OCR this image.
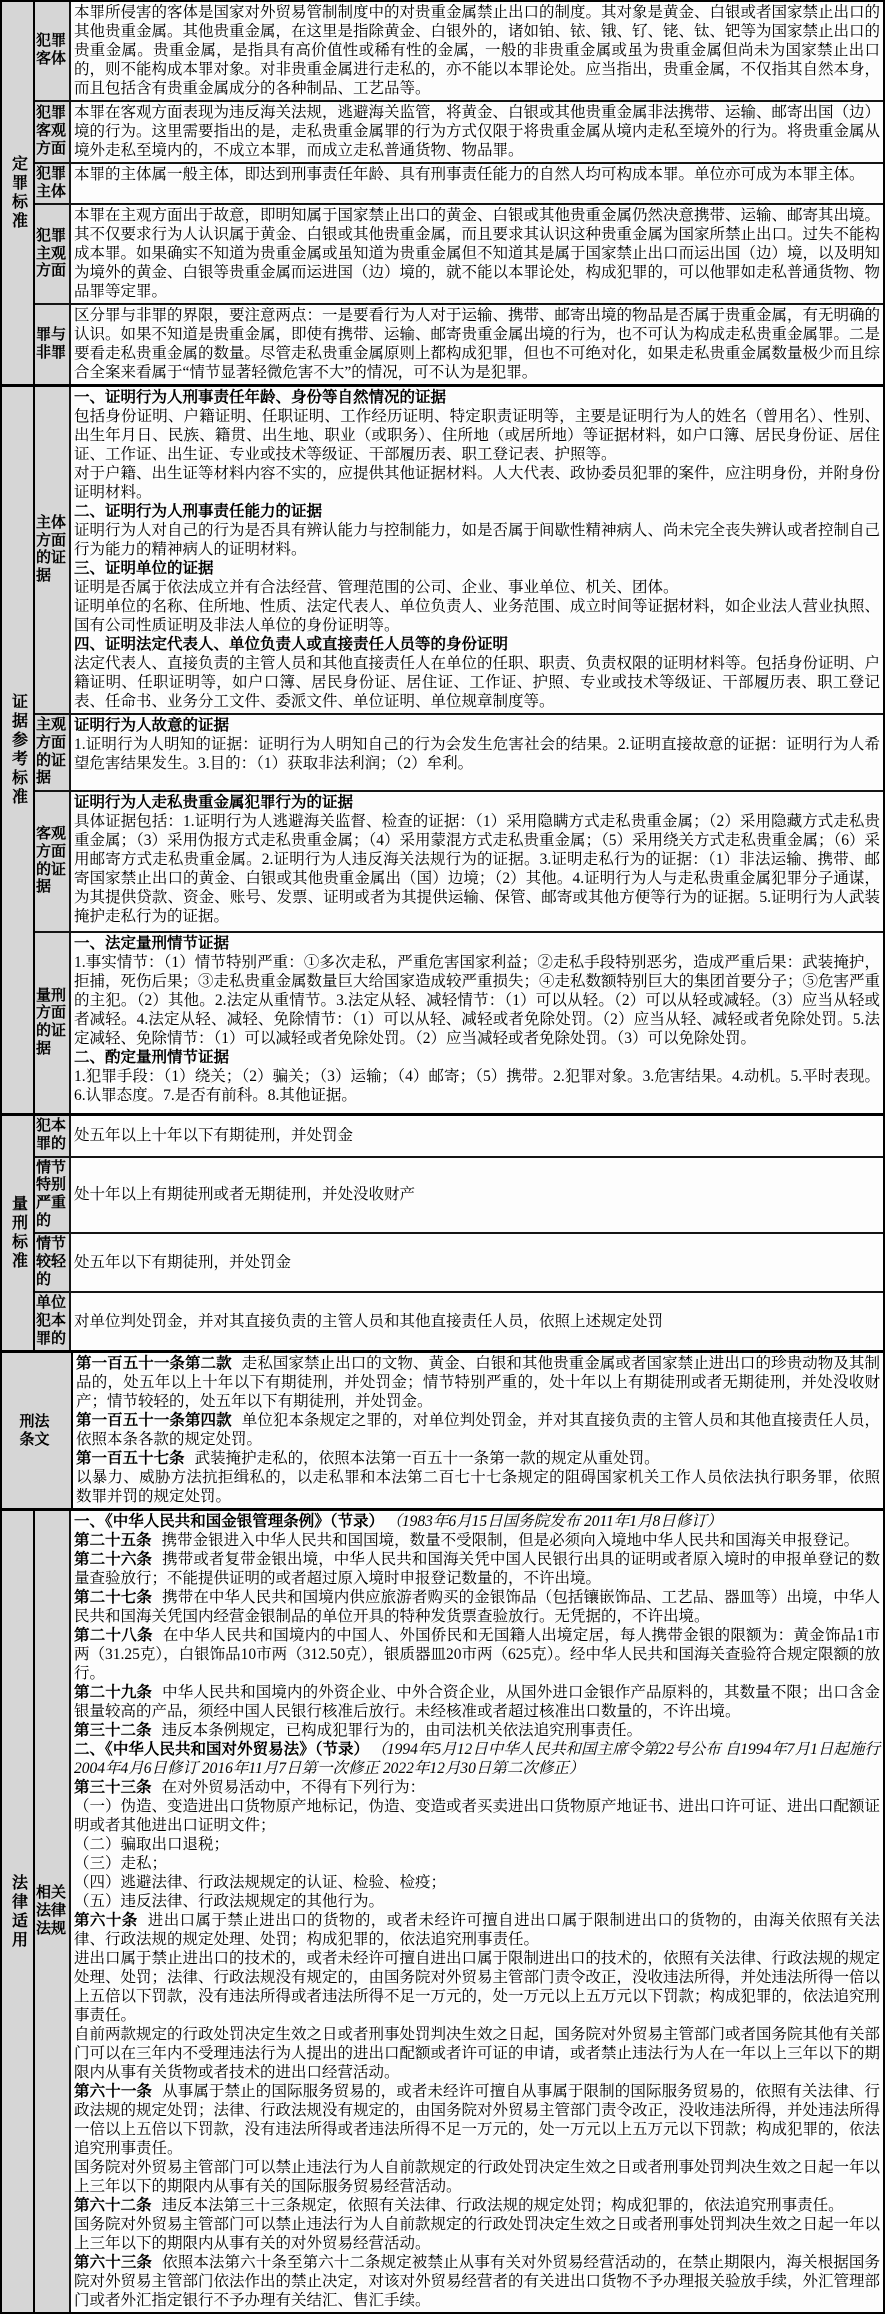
定罪标准
犯罪客体

本罪所侵害的客体是国家对外贸易管制制度中的对贵重金属禁止出口的制度。其对象是黄金、白银或者国家禁止出口的其他贵重金属。其他贵重金属，在这里是指除黄金、白银外的，诸如铂、铱、锇、钌、铑、钛、钯等为国家禁止出口的贵重金属。贵重金属，是指具有高价值性或稀有性的金属，一般的非贵重金属或虽为贵重金属但尚未为国家禁止出口的，则不能构成本罪对象。对非贵重金属进行走私的，亦不能以本罪论处。应当指出，贵重金属，不仅指其自然本身，而且包括含有贵重金属成分的各种制品、工艺品等。

犯罪客观方面

本罪在客观方面表现为违反海关法规，逃避海关监管，将黄金、白银或其他贵重金属非法携带、运输、邮寄出国（边）境的行为。这里需要指出的是，走私贵重金属罪的行为方式仅限于将贵重金属从境内走私至境外的行为。将贵重金属从境外走私至境内的，不成立本罪，而成立走私普通货物、物品罪。

犯罪主体

本罪的主体属一般主体，即达到刑事责任年龄、具有刑事责任能力的自然人均可构成本罪。单位亦可成为本罪主体。

犯罪主观方面

本罪在主观方面出于故意，即明知属于国家禁止出口的黄金、白银或其他贵重金属仍然决意携带、运输、邮寄其出境。其不仅要求行为人认识属于黄金、白银或其他贵重金属，而且要求其认识这种贵重金属为国家所禁止出口。过失不能构成本罪。如果确实不知道为贵重金属或虽知道为贵重金属但不知道其是属于国家禁止出口而运出国（边）境，以及明知为境外的黄金、白银等贵重金属而运进国（边）境的，就不能以本罪论处，构成犯罪的，可以他罪如走私普通货物、物品罪等定罪。

罪与非罪

区分罪与非罪的界限，要注意两点：一是要看行为人对于运输、携带、邮寄出境的物品是否属于贵重金属，有无明确的认识。如果不知道是贵重金属，即使有携带、运输、邮寄贵重金属出境的行为，也不可认为构成走私贵重金属罪。二是要看走私贵重金属的数量。尽管走私贵重金属原则上都构成犯罪，但也不可绝对化，如果走私贵重金属数量极少而且综合全案来看属于“情节显著轻微危害不大”的情况，可不认为是犯罪。

证据参考标准
主体方面的证据

一、证明行为人刑事责任年龄、身份等自然情况的证据

包括身份证明、户籍证明、任职证明、工作经历证明、特定职责证明等，主要是证明行为人的姓名（曾用名）、性别、出生年月日、民族、籍贯、出生地、职业（或职务）、住所地（或居所地）等证据材料，如户口簿、居民身份证、居住证、工作证、出生证、专业或技术等级证、干部履历表、职工登记表、护照等。

对于户籍、出生证等材料内容不实的，应提供其他证据材料。人大代表、政协委员犯罪的案件，应注明身份，并附身份证明材料。

二、证明行为人刑事责任能力的证据

证明行为人对自己的行为是否具有辨认能力与控制能力，如是否属于间歇性精神病人、尚未完全丧失辨认或者控制自己行为能力的精神病人的证明材料。

三、证明单位的证据

证明是否属于依法成立并有合法经营、管理范围的公司、企业、事业单位、机关、团体。

证明单位的名称、住所地、性质、法定代表人、单位负责人、业务范围、成立时间等证据材料，如企业法人营业执照、国有公司性质证明及非法人单位的身份证明等。

四、证明法定代表人、单位负责人或直接责任人员等的身份证明

法定代表人、直接负责的主管人员和其他直接责任人在单位的任职、职责、负责权限的证明材料等。包括身份证明、户籍证明、任职证明等，如户口簿、居民身份证、居住证、工作证、护照、专业或技术等级证、干部履历表、职工登记表、任命书、业务分工文件、委派文件、单位证明、单位规章制度等。

主观方面的证据

证明行为人故意的证据

1.证明行为人明知的证据：证明行为人明知自己的行为会发生危害社会的结果。2.证明直接故意的证据：证明行为人希望危害结果发生。3.目的：（1）获取非法利润；（2）牟利。

客观方面的证据

证明行为人走私贵重金属犯罪行为的证据

具体证据包括：1.证明行为人逃避海关监督、检查的证据：（1）采用隐瞒方式走私贵重金属；（2）采用隐藏方式走私贵重金属；（3）采用伪报方式走私贵重金属；（4）采用蒙混方式走私贵重金属；（5）采用绕关方式走私贵重金属；（6）采用邮寄方式走私贵重金属。2.证明行为人违反海关法规行为的证据。3.证明走私行为的证据：（1）非法运输、携带、邮寄国家禁止出口的黄金、白银或其他贵重金属出（国）边境；（2）其他。4.证明行为人与走私贵重金属犯罪分子通谋，为其提供贷款、资金、账号、发票、证明或者为其提供运输、保管、邮寄或其他方便等行为的证据。5.证明行为人武装掩护走私行为的证据。

量刑方面的证据

一、法定量刑情节证据

1.事实情节：（1）情节特别严重：①多次走私，严重危害国家利益；②走私手段特别恶劣，造成严重后果：武装掩护，拒捕，死伤后果；③走私贵重金属数量巨大给国家造成较严重损失；④走私数额特别巨大的集团首要分子；⑤危害严重的主犯。（2）其他。2.法定从重情节。3.法定从轻、减轻情节：（1）可以从轻。（2）可以从轻或减轻。（3）应当从轻或者减轻。4.法定从轻、减轻、免除情节：（1）可以从轻、减轻或者免除处罚。（2）应当从轻、减轻或者免除处罚。5.法定减轻、免除情节：（1）可以减轻或者免除处罚。（2）应当减轻或者免除处罚。（3）可以免除处罚。

二、酌定量刑情节证据

1.犯罪手段：（1）绕关；（2）骗关；（3）运输；（4）邮寄；（5）携带。2.犯罪对象。3.危害结果。4.动机。5.平时表现。6.认罪态度。7.是否有前科。8.其他证据。

量刑标准
犯本罪的 处五年以上十年以下有期徒刑，并处罚金

情节特别严重的

处十年以上有期徒刑或者无期徒刑，并处没收财产

情节较轻的

处五年以下有期徒刑，并处罚金

单位犯本罪的

对单位判处罚金，并对其直接负责的主管人员和其他直接责任人员，依照上述规定处罚

刑法条文

第一百五十一条第二款 走私国家禁止出口的文物、黄金、白银和其他贵重金属或者国家禁止进出口的珍贵动物及其制品的，处五年以上十年以下有期徒刑，并处罚金；情节特别严重的，处十年以上有期徒刑或者无期徒刑，并处没收财产；情节较轻的，处五年以下有期徒刑，并处罚金。

第一百五十一条第四款 单位犯本条规定之罪的，对单位判处罚金，并对其直接负责的主管人员和其他直接责任人员，依照本条各款的规定处罚。

第一百五十七条 武装掩护走私的，依照本法第一百五十一条第一款的规定从重处罚。

以暴力、威胁方法抗拒缉私的，以走私罪和本法第二百七十七条规定的阻碍国家机关工作人员依法执行职务罪，依照数罪并罚的规定处罚。

法律适用 相关法律法规

一、《中华人民共和国金银管理条例》（节录） （1983年6月15日国务院发布 2011年1月8日修订）

第二十五条 携带金银进入中华人民共和国国境，数量不受限制，但是必须向入境地中华人民共和国海关申报登记。

第二十六条 携带或者复带金银出境，中华人民共和国海关凭中国人民银行出具的证明或者原入境时的申报单登记的数量查验放行；不能提供证明的或者超过原入境时申报登记数量的，不许出境。

第二十七条 携带在中华人民共和国境内供应旅游者购买的金银饰品（包括镶嵌饰品、工艺品、器皿等）出境，中华人民共和国海关凭国内经营金银制品的单位开具的特种发货票查验放行。无凭据的，不许出境。

第二十八条 在中华人民共和国境内的中国人、外国侨民和无国籍人出境定居，每人携带金银的限额为：黄金饰品1市两（31.25克），白银饰品10市两（312.50克），银质器皿20市两（625克）。经中华人民共和国海关查验符合规定限额的放行。

第二十九条 中华人民共和国境内的外资企业、中外合资企业，从国外进口金银作产品原料的，其数量不限；出口含金银量较高的产品，须经中国人民银行核准后放行。未经核准或者超过核准出口数量的，不许出境。

第三十二条 违反本条例规定，已构成犯罪行为的，由司法机关依法追究刑事责任。

二、《中华人民共和国对外贸易法》（节录） （1994年5月12日中华人民共和国主席令第22号公布 自1994年7月1日起施行 2004年4月6日修订 2016年11月7日第一次修正 2022年12月30日第二次修正）

第三十三条 在对外贸易活动中，不得有下列行为：

（一）伪造、变造进出口货物原产地标记，伪造、变造或者买卖进出口货物原产地证书、进出口许可证、进出口配额证明或者其他进出口证明文件；

（二）骗取出口退税；

（三）走私；

（四）逃避法律、行政法规规定的认证、检验、检疫；

（五）违反法律、行政法规规定的其他行为。

第六十条 进出口属于禁止进出口的货物的，或者未经许可擅自进出口属于限制进出口的货物的，由海关依照有关法律、行政法规的规定处理、处罚；构成犯罪的，依法追究刑事责任。

进出口属于禁止进出口的技术的，或者未经许可擅自进出口属于限制进出口的技术的，依照有关法律、行政法规的规定处理、处罚；法律、行政法规没有规定的，由国务院对外贸易主管部门责令改正，没收违法所得，并处违法所得一倍以上五倍以下罚款，没有违法所得或者违法所得不足一万元的，处一万元以上五万元以下罚款；构成犯罪的，依法追究刑事责任。

自前两款规定的行政处罚决定生效之日或者刑事处罚判决生效之日起，国务院对外贸易主管部门或者国务院其他有关部门可以在三年内不受理违法行为人提出的进出口配额或者许可证的申请，或者禁止违法行为人在一年以上三年以下的期限内从事有关货物或者技术的进出口经营活动。

第六十一条 从事属于禁止的国际服务贸易的，或者未经许可擅自从事属于限制的国际服务贸易的，依照有关法律、行政法规的规定处罚；法律、行政法规没有规定的，由国务院对外贸易主管部门责令改正，没收违法所得，并处违法所得一倍以上五倍以下罚款，没有违法所得或者违法所得不足一万元的，处一万元以上五万元以下罚款；构成犯罪的，依法追究刑事责任。

国务院对外贸易主管部门可以禁止违法行为人自前款规定的行政处罚决定生效之日或者刑事处罚判决生效之日起一年以上三年以下的期限内从事有关的国际服务贸易经营活动。

第六十二条 违反本法第三十三条规定，依照有关法律、行政法规的规定处罚；构成犯罪的，依法追究刑事责任。

国务院对外贸易主管部门可以禁止违法行为人自前款规定的行政处罚决定生效之日或者刑事处罚判决生效之日起一年以上三年以下的期限内从事有关的对外贸易经营活动。

第六十三条 依照本法第六十条至第六十二条规定被禁止从事有关对外贸易经营活动的，在禁止期限内，海关根据国务院对外贸易主管部门依法作出的禁止决定，对该对外贸易经营者的有关进出口货物不予办理报关验放手续，外汇管理部门或者外汇指定银行不予办理有关结汇、售汇手续。
